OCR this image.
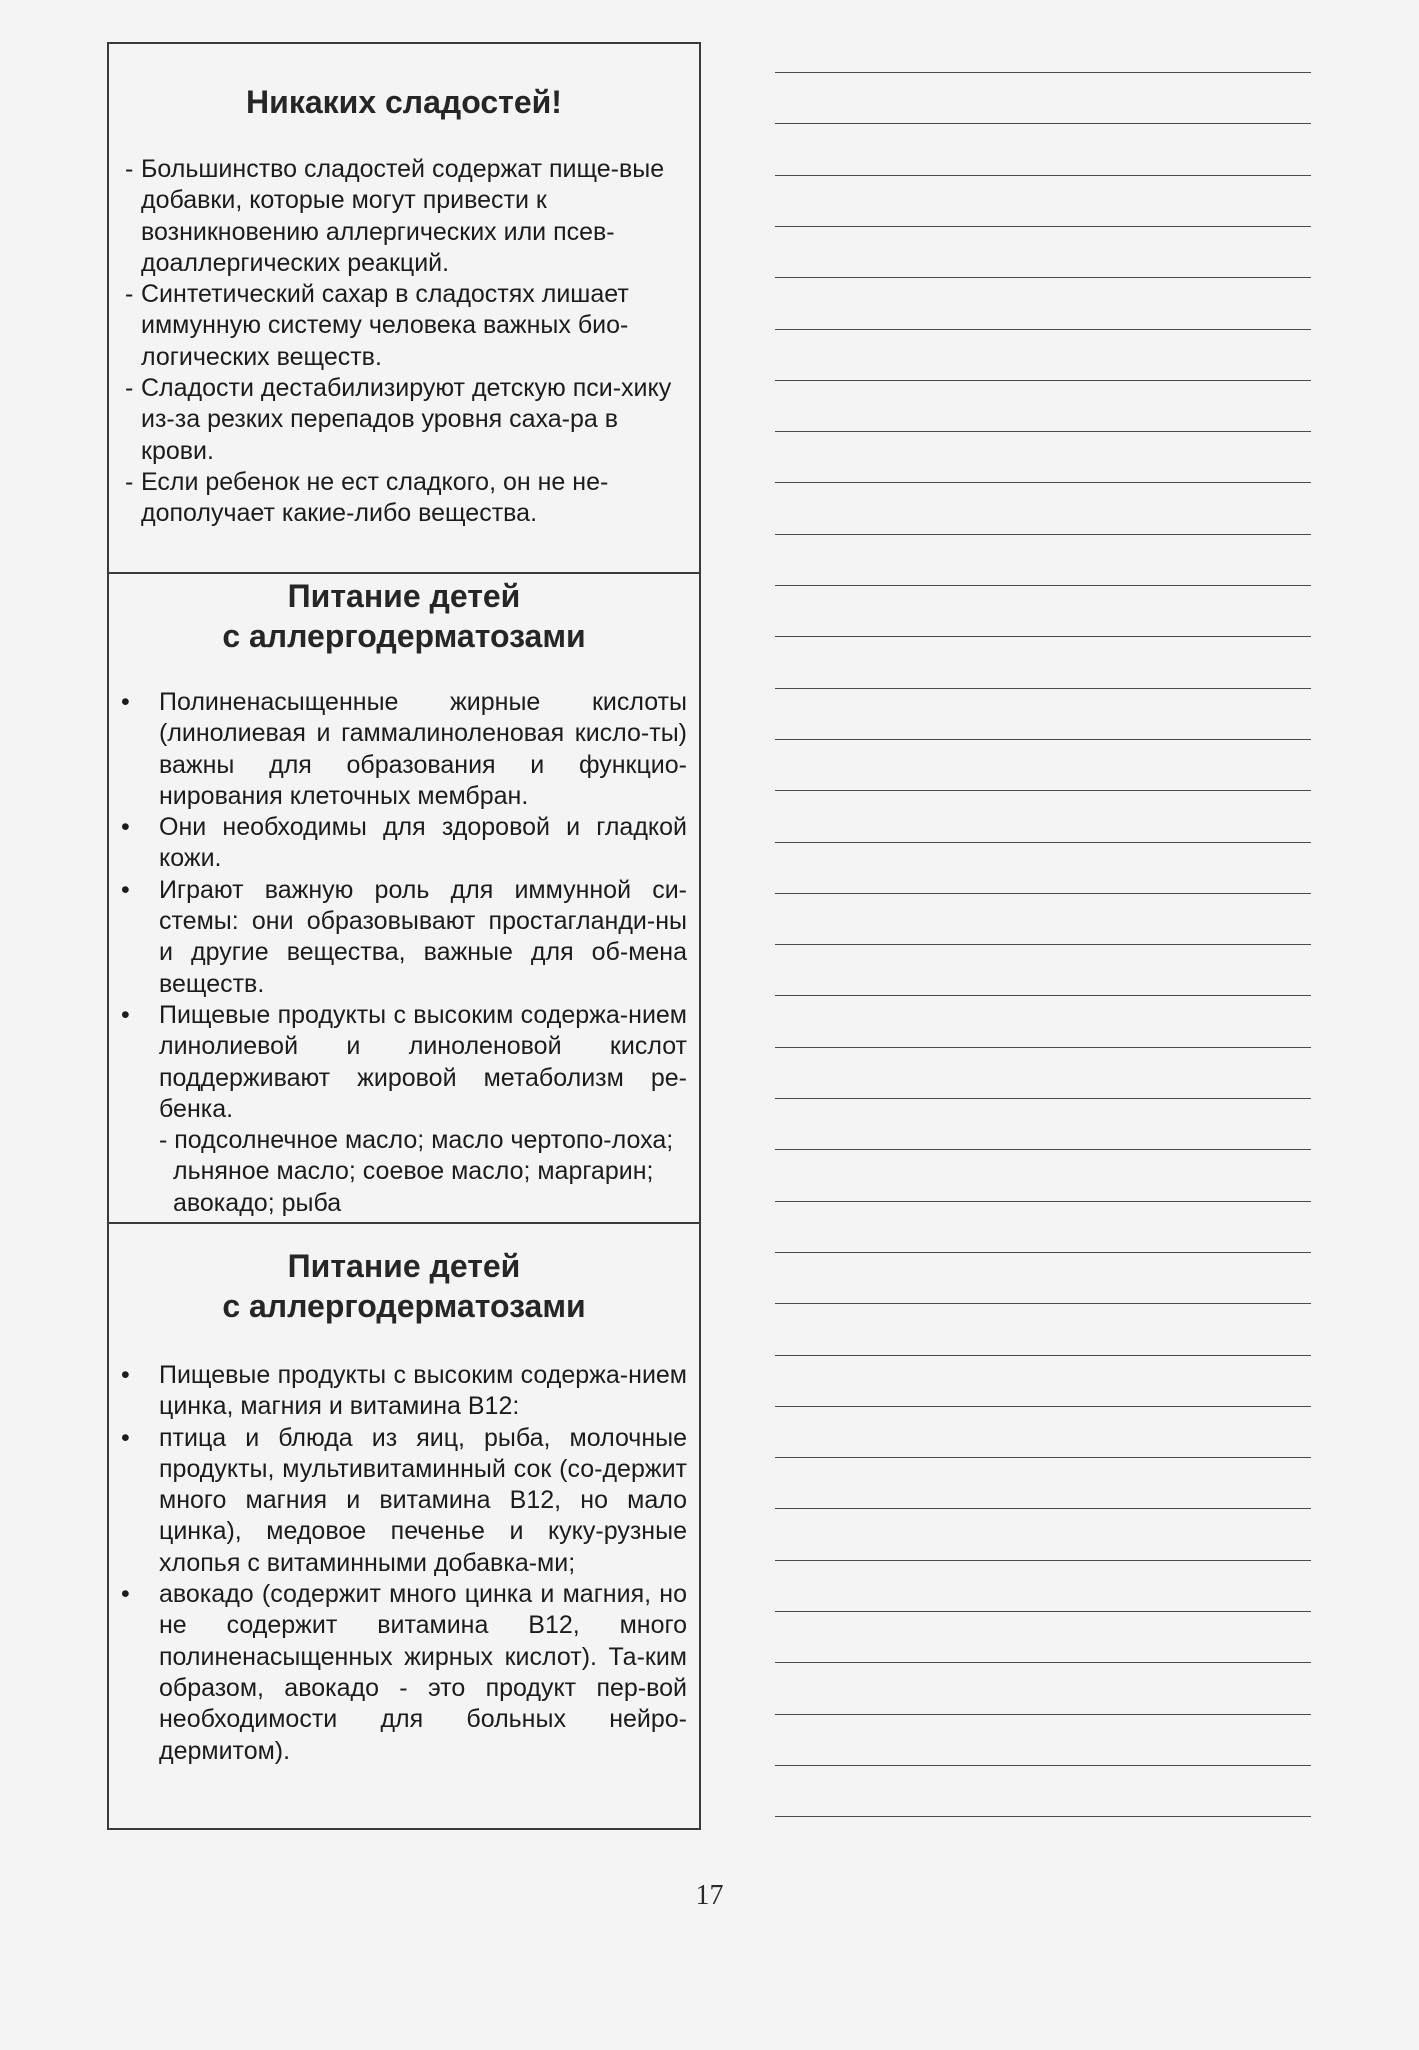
Никаких сладостей!
- Большинство сладостей содержат пище-вые добавки, которые могут привести к возникновению аллергических или псев-доаллергических реакций.
- Синтетический сахар в сладостях лишает иммунную систему человека важных био-логических веществ.
- Сладости дестабилизируют детскую пси-хику из-за резких перепадов уровня саха-ра в крови.
- Если ребенок не ест сладкого, он не не-дополучает какие-либо вещества.
Питание детей
с аллергодерматозами
•	Полиненасыщенные жирные кислоты (линолиевая и гаммалиноленовая кисло-ты) важны для образования и функцио-нирования клеточных мембран.
•	Они необходимы для здоровой и гладкой кожи.
•	Играют важную роль для иммунной си-стемы: они образовывают простагланди-ны и другие вещества, важные для об-мена веществ.
•	Пищевые продукты с высоким содержа-нием линолиевой и линоленовой кислот поддерживают жировой метаболизм ре-бенка.
- подсолнечное масло; масло чертопо-лоха; льняное масло; соевое масло; маргарин; авокадо; рыба
Питание детей
с аллергодерматозами
•	Пищевые продукты с высоким содержа-нием цинка, магния и витамина В12:
•	птица и блюда из яиц, рыба, молочные продукты, мультивитаминный сок (со-держит много магния и витамина В12, но мало цинка), медовое печенье и куку-рузные хлопья с витаминными добавка-ми;
•	авокадо (содержит много цинка и магния, но не содержит витамина В12, много полиненасыщенных жирных кислот). Та-ким образом, авокадо - это продукт пер-вой необходимости для больных нейро-дермитом).
17
